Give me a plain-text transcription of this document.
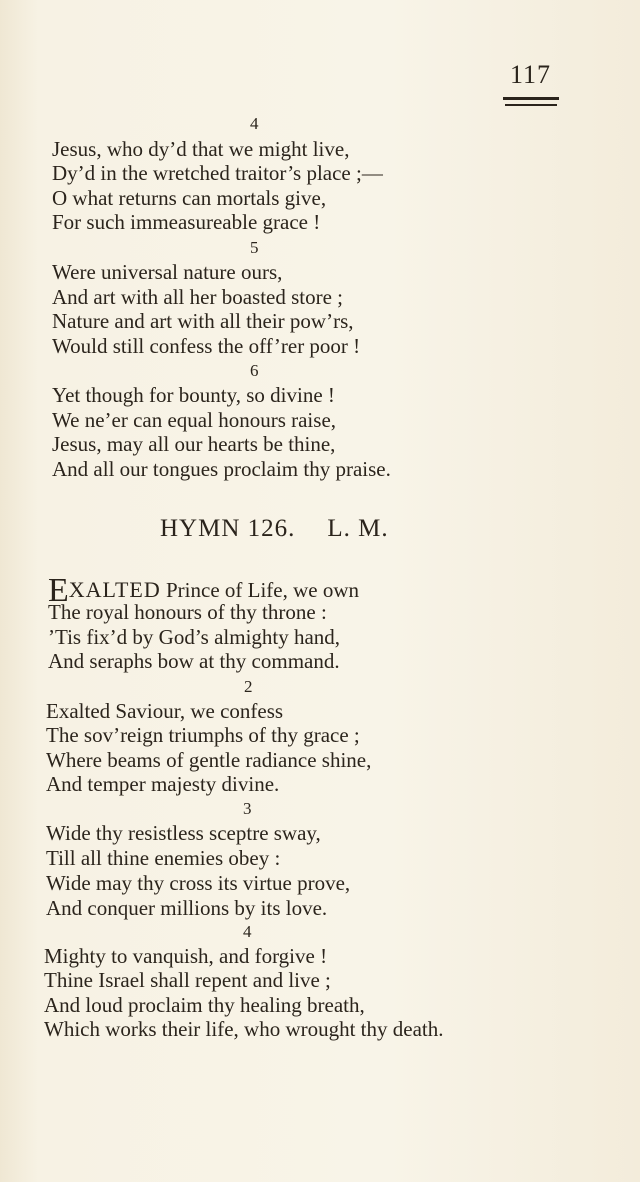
117
4
Jesus, who dy’d that we might live,
Dy’d in the wretched traitor’s place ;—
O what returns can mortals give,
For such immeasureable grace !
5
Were universal nature ours,
And art with all her boasted store ;
Nature and art with all their pow’rs,
Would still confess the off’rer poor !
6
Yet though for bounty, so divine !
We ne’er can equal honours raise,
Jesus, may all our hearts be thine,
And all our tongues proclaim thy praise.
HYMN 126. L. M.
EXALTED Prince of Life, we own
The royal honours of thy throne :
’Tis fix’d by God’s almighty hand,
And seraphs bow at thy command.
2
Exalted Saviour, we confess
The sov’reign triumphs of thy grace ;
Where beams of gentle radiance shine,
And temper majesty divine.
3
Wide thy resistless sceptre sway,
Till all thine enemies obey :
Wide may thy cross its virtue prove,
And conquer millions by its love.
4
Mighty to vanquish, and forgive !
Thine Israel shall repent and live ;
And loud proclaim thy healing breath,
Which works their life, who wrought thy death.
